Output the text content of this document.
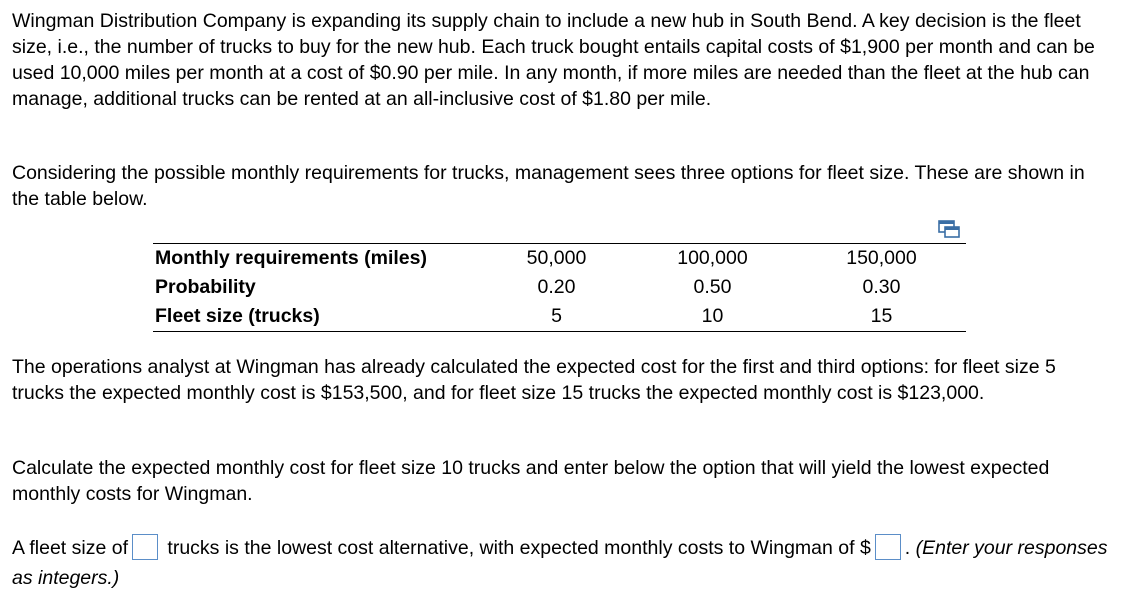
Wingman Distribution Company is expanding its supply chain to include a new hub in South Bend. A key decision is the fleet size, i.e., the number of trucks to buy for the new hub. Each truck bought entails capital costs of $1,900 per month and can be used 10,000 miles per month at a cost of $0.90 per mile. In any month, if more miles are needed than the fleet at the hub can manage, additional trucks can be rented at an all-inclusive cost of $1.80 per mile.

Considering the possible monthly requirements for trucks, management sees three options for fleet size. These are shown in the table below.

Monthly requirements (miles)	50,000	100,000	150,000
Probability	0.20	0.50	0.30
Fleet size (trucks)	5	10	15

The operations analyst at Wingman has already calculated the expected cost for the first and third options: for fleet size 5 trucks the expected monthly cost is $153,500, and for fleet size 15 trucks the expected monthly cost is $123,000.

Calculate the expected monthly cost for fleet size 10 trucks and enter below the option that will yield the lowest expected monthly costs for Wingman.

A fleet size of trucks is the lowest cost alternative, with expected monthly costs to Wingman of $ . (Enter your responses as integers.)
